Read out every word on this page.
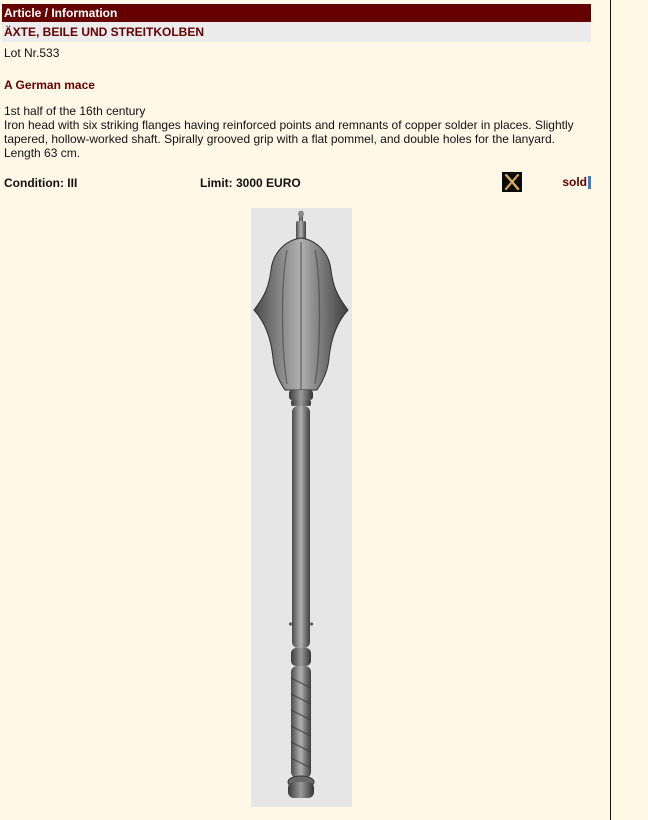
Article / Information
ÄXTE, BEILE UND STREITKOLBEN
Lot Nr.533
A German mace
1st half of the 16th century
Iron head with six striking flanges having reinforced points and remnants of copper solder in places. Slightly tapered, hollow-worked shaft. Spirally grooved grip with a flat pommel, and double holes for the lanyard.
Length 63 cm.
Condition: III	Limit: 3000 EURO	sold
